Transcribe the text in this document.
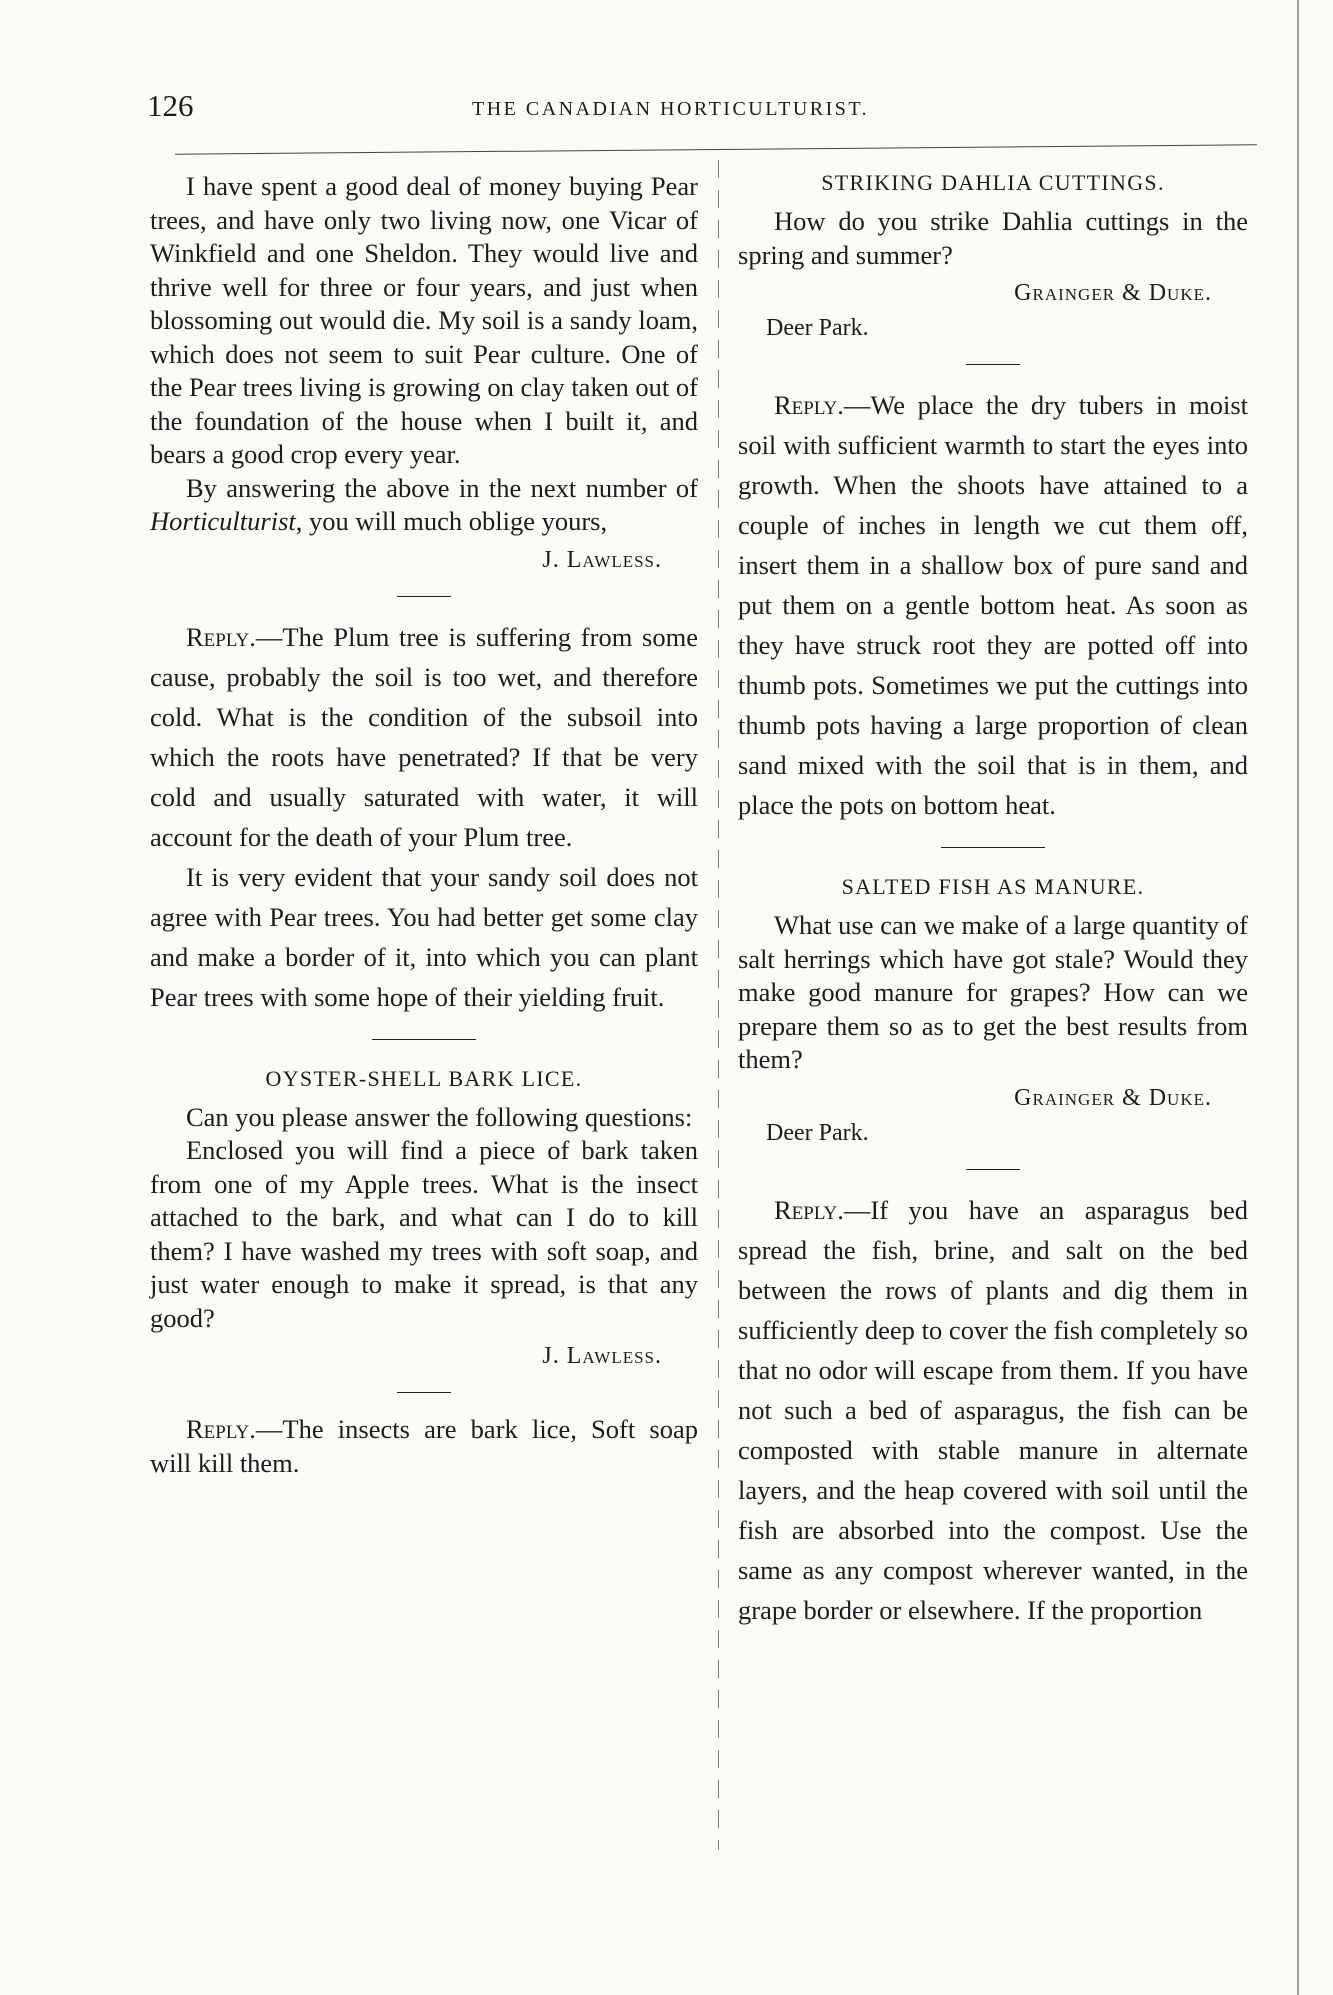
126	THE CANADIAN HORTICULTURIST.

I have spent a good deal of money buying Pear trees, and have only two living now, one Vicar of Winkfield and one Sheldon. They would live and thrive well for three or four years, and just when blossoming out would die. My soil is a sandy loam, which does not seem to suit Pear culture. One of the Pear trees living is growing on clay taken out of the foundation of the house when I built it, and bears a good crop every year.

By answering the above in the next number of Horticulturist, you will much oblige yours,

J. Lawless.

Reply.—The Plum tree is suffering from some cause, probably the soil is too wet, and therefore cold. What is the condition of the subsoil into which the roots have penetrated? If that be very cold and usually saturated with water, it will account for the death of your Plum tree.

It is very evident that your sandy soil does not agree with Pear trees. You had better get some clay and make a border of it, into which you can plant Pear trees with some hope of their yielding fruit.

OYSTER-SHELL BARK LICE.

Can you please answer the following questions:

Enclosed you will find a piece of bark taken from one of my Apple trees. What is the insect attached to the bark, and what can I do to kill them? I have washed my trees with soft soap, and just water enough to make it spread, is that any good?

J. Lawless.

Reply.—The insects are bark lice, Soft soap will kill them.

STRIKING DAHLIA CUTTINGS.

How do you strike Dahlia cuttings in the spring and summer?

Grainger & Duke.
Deer Park.

Reply.—We place the dry tubers in moist soil with sufficient warmth to start the eyes into growth. When the shoots have attained to a couple of inches in length we cut them off, insert them in a shallow box of pure sand and put them on a gentle bottom heat. As soon as they have struck root they are potted off into thumb pots. Sometimes we put the cuttings into thumb pots having a large proportion of clean sand mixed with the soil that is in them, and place the pots on bottom heat.

SALTED FISH AS MANURE.

What use can we make of a large quantity of salt herrings which have got stale? Would they make good manure for grapes? How can we prepare them so as to get the best results from them?

Grainger & Duke.
Deer Park.

Reply.—If you have an asparagus bed spread the fish, brine, and salt on the bed between the rows of plants and dig them in sufficiently deep to cover the fish completely so that no odor will escape from them. If you have not such a bed of asparagus, the fish can be composted with stable manure in alternate layers, and the heap covered with soil until the fish are absorbed into the compost. Use the same as any compost wherever wanted, in the grape border or elsewhere. If the proportion
